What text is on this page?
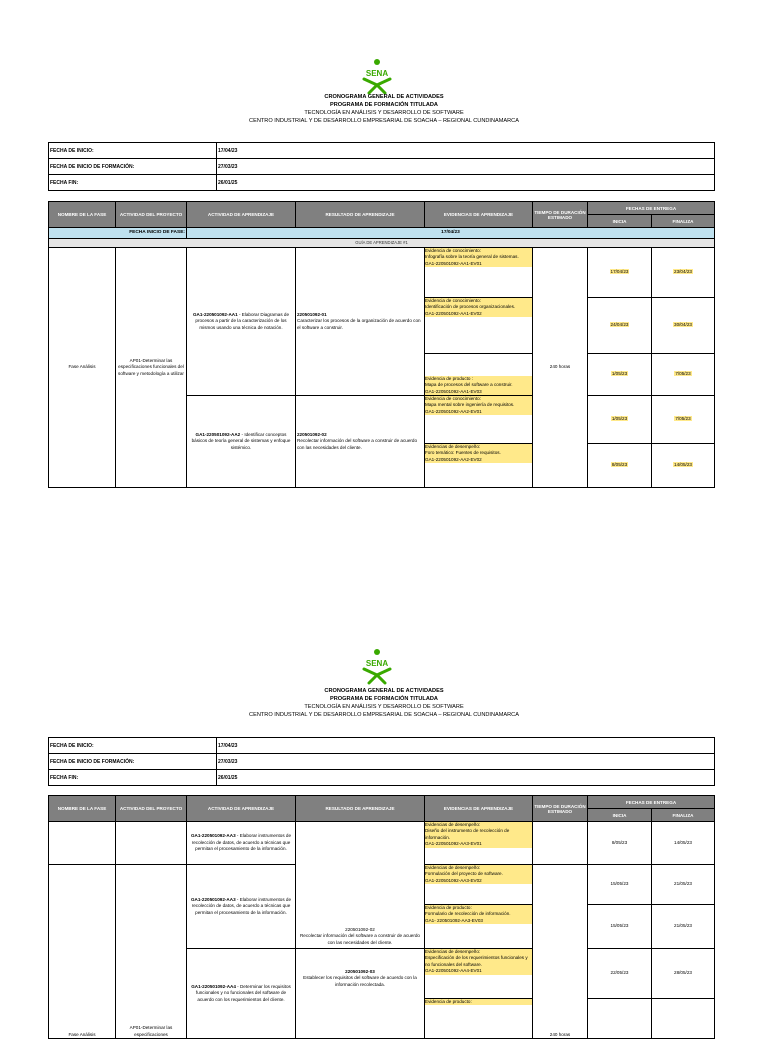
SENA
CRONOGRAMA GENERAL DE ACTIVIDADES
PROGRAMA DE FORMACIÓN TITULADA
TECNOLOGÍA EN ANÁLISIS Y DESARROLLO DE SOFTWARE
CENTRO INDUSTRIAL Y DE DESARROLLO EMPRESARIAL DE SOACHA – REGIONAL CUNDINAMARCA
FECHA DE INICIO:	17/04/23
FECHA DE INICIO DE FORMACIÓN:	27/03/23
FECHA FIN:	26/01/25
NOMBRE DE LA FASE	ACTIVIDAD DEL PROYECTO	ACTIVIDAD DE APRENDIZAJE	RESULTADO DE APRENDIZAJE	EVIDENCIAS DE APRENDIZAJE	TIEMPO DE DURACIÓN ESTIMADO	FECHAS DE ENTREGA	
						INICIA	FINALIZA
FECHA INICIO DE FASE:		17/04/23					
GUÍA DE APRENDIZAJE #1							
Fase Análisis	AP01-Determinar las especificaciones funcionales del software y metodología a utilizar	GA1-220501092-AA1 - Elaborar Diagramas de procesos a partir de la caracterización de los mismos usando una técnica de notación.	220501092-01
Caracterizar los procesos de la organización de acuerdo con el software a construir.	Evidencia de conocimiento:
Infografía sobre la teoría general de sistemas.
GA1-220501092-AA1-EV01	240 horas	17/04/23	23/04/23

				Evidencia de conocimiento:
Identificación de procesos organizacionales.
GA1-220501092-AA1-EV02		24/04/23	30/04/23

				Evidencia de producto :
Mapa de procesos del software a construir.
GA1-220501092-AA1-EV03		1/05/23	7/05/23
		GA1-220501092-AA2 - Identificar conceptos básicos de teoría general de sistemas y enfoque sistémico.	220501092-02
Recolectar información del software a construir de acuerdo con las necesidades del cliente.	Evidencia de conocimiento:
Mapa mental sobre ingeniería de requisitos.
GA1-220501092-AA2-EV01		1/05/23	7/05/23

				Evidencias de desempeño:
Foro temático: Fuentes de requisitos.
GA1-220501092-AA2-EV02		8/05/23	14/05/23
SENA
CRONOGRAMA GENERAL DE ACTIVIDADES
PROGRAMA DE FORMACIÓN TITULADA
TECNOLOGÍA EN ANÁLISIS Y DESARROLLO DE SOFTWARE
CENTRO INDUSTRIAL Y DE DESARROLLO EMPRESARIAL DE SOACHA – REGIONAL CUNDINAMARCA
FECHA DE INICIO:	17/04/23
FECHA DE INICIO DE FORMACIÓN:	27/03/23
FECHA FIN:	26/01/25
NOMBRE DE LA FASE	ACTIVIDAD DEL PROYECTO	ACTIVIDAD DE APRENDIZAJE	RESULTADO DE APRENDIZAJE	EVIDENCIAS DE APRENDIZAJE	TIEMPO DE DURACIÓN ESTIMADO	FECHAS DE ENTREGA	
						INICIA	FINALIZA
		GA1-220501092-AA3 - Elaborar instrumentos de recolección de datos, de acuerdo a técnicas que permitan el procesamiento de la información.	220501092-02
Recolectar información del software a construir de acuerdo con las necesidades del cliente.	Evidencias de desempeño:
Diseño del instrumento de recolección de información.
GA1-220501092-AA3-EV01		8/05/23	14/05/23
Fase Análisis	AP01-Determinar las especificaciones	GA1-220501092-AA3 - Elaborar instrumentos de recolección de datos, de acuerdo a técnicas que permitan el procesamiento de la información.		Evidencias de desempeño:
Formulación del proyecto de software.
GA1-220501092-AA3-EV02	240 horas	15/05/23	21/05/23

				Evidencia de producto:
Formulario de recolección de información.
GA1- 220501092-AA3-EV03		15/05/23	21/05/23
		GA1-220501092-AA4 - Determinar los requisitos funcionales y no funcionales del software de acuerdo con los requerimientos del cliente.	220501092-03
Establecer los requisitos del software de acuerdo con la información recolectada.	Evidencias de desempeño:
Especificación de los requerimientos funcionales y no funcionales del software.
GA1-220501092-AA4-EV01		22/05/23	28/05/23

				Evidencia de producto:			
